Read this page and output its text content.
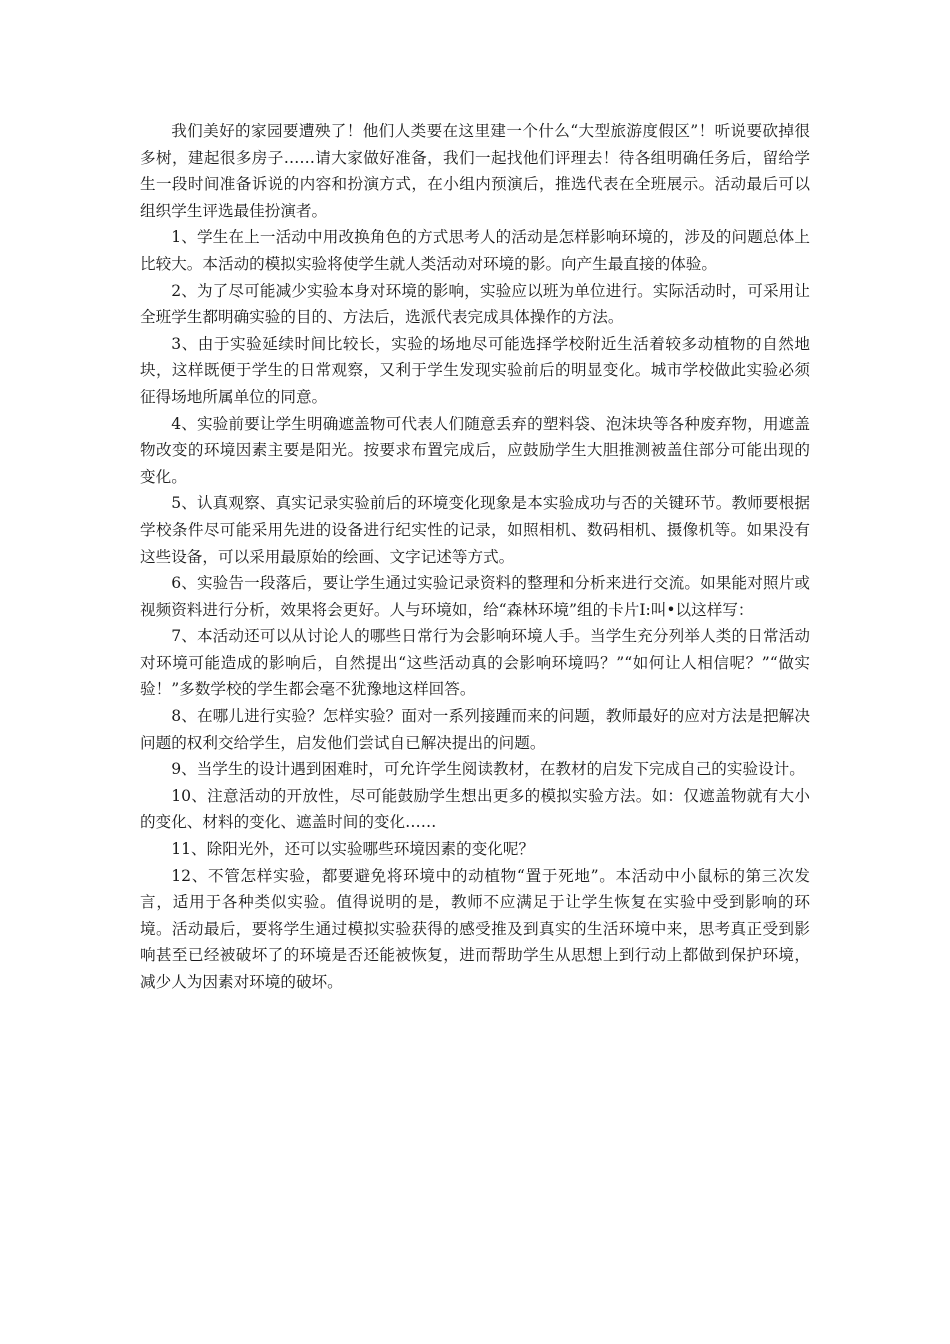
我们美好的家园要遭殃了！他们人类要在这里建一个什么“大型旅游度假区”！听说要砍掉很多树，建起很多房子……请大家做好准备，我们一起找他们评理去！待各组明确任务后，留给学生一段时间准备诉说的内容和扮演方式，在小组内预演后，推选代表在全班展示。活动最后可以组织学生评选最佳扮演者。

1、学生在上一活动中用改换角色的方式思考人的活动是怎样影响环境的，涉及的问题总体上比较大。本活动的模拟实验将使学生就人类活动对环境的影。向产生最直接的体验。

2、为了尽可能减少实验本身对环境的影响，实验应以班为单位进行。实际活动时，可采用让全班学生都明确实验的目的、方法后，选派代表完成具体操作的方法。

3、由于实验延续时间比较长，实验的场地尽可能选择学校附近生活着较多动植物的自然地块，这样既便于学生的日常观察，又利于学生发现实验前后的明显变化。城市学校做此实验必须征得场地所属单位的同意。

4、实验前要让学生明确遮盖物可代表人们随意丢弃的塑料袋、泡沫块等各种废弃物，用遮盖物改变的环境因素主要是阳光。按要求布置完成后，应鼓励学生大胆推测被盖住部分可能出现的变化。

5、认真观察、真实记录实验前后的环境变化现象是本实验成功与否的关键环节。教师要根据学校条件尽可能采用先进的设备进行纪实性的记录，如照相机、数码相机、摄像机等。如果没有这些设备，可以采用最原始的绘画、文字记述等方式。

6、实验告一段落后，要让学生通过实验记录资料的整理和分析来进行交流。如果能对照片或视频资料进行分析，效果将会更好。人与环境如，给“森林环境”组的卡片I:叫•以这样写：

7、本活动还可以从讨论人的哪些日常行为会影响环境人手。当学生充分列举人类的日常活动对环境可能造成的影响后，自然提出“这些活动真的会影响环境吗？”“如何让人相信呢？”“做实验！”多数学校的学生都会毫不犹豫地这样回答。

8、在哪儿进行实验？怎样实验？面对一系列接踵而来的问题，教师最好的应对方法是把解决问题的权利交给学生，启发他们尝试自已解决提出的问题。

9、当学生的设计遇到困难时，可允许学生阅读教材，在教材的启发下完成自己的实验设计。

10、注意活动的开放性，尽可能鼓励学生想出更多的模拟实验方法。如：仅遮盖物就有大小的变化、材料的变化、遮盖时间的变化……

11、除阳光外，还可以实验哪些环境因素的变化呢？

12、不管怎样实验，都要避免将环境中的动植物“置于死地”。本活动中小鼠标的第三次发言，适用于各种类似实验。值得说明的是，教师不应满足于让学生恢复在实验中受到影响的环境。活动最后，要将学生通过模拟实验获得的感受推及到真实的生活环境中来，思考真正受到影响甚至已经被破坏了的环境是否还能被恢复，进而帮助学生从思想上到行动上都做到保护环境，减少人为因素对环境的破坏。
